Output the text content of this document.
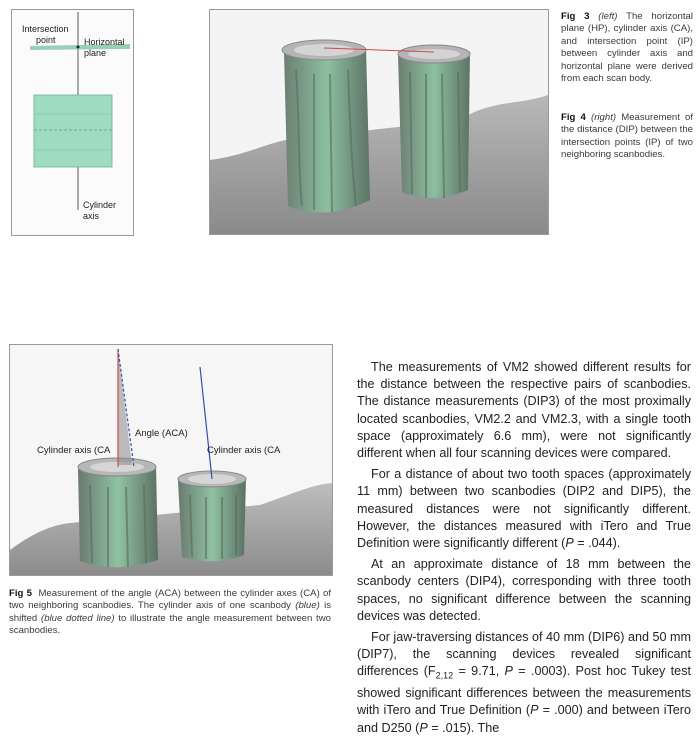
Intersection
point	Horizontal
plane
Cylinder
axis
Fig 3 (left) The horizontal plane (HP), cylinder axis (CA), and intersection point (IP) between cylinder axis and horizontal plane were derived from each scan body.
Fig 4 (right) Measurement of the distance (DIP) between the intersection points (IP) of two neighboring scanbodies.
Angle (ACA)
Cylinder axis (CA	Cylinder axis (CA
Fig 5 Measurement of the angle (ACA) between the cylinder axes (CA) of two neighboring scanbodies. The cylinder axis of one scanbody (blue) is shifted (blue dotted line) to illustrate the angle measurement between two scanbodies.

The measurements of VM2 showed different results for the distance between the respective pairs of scanbodies. The distance measurements (DIP3) of the most proximally located scanbodies, VM2.2 and VM2.3, with a single tooth space (approximately 6.6 mm), were not significantly different when all four scanning devices were compared.

For a distance of about two tooth spaces (approximately 11 mm) between two scanbodies (DIP2 and DIP5), the measured distances were not significantly different. However, the distances measured with iTero and True Definition were significantly different (P = .044).

At an approximate distance of 18 mm between the scanbody centers (DIP4), corresponding with three tooth spaces, no significant difference between the scanning devices was detected.

For jaw-traversing distances of 40 mm (DIP6) and 50 mm (DIP7), the scanning devices revealed significant differences ($F_{2,12} = 9.71$, P = .0003). Post hoc Tukey test showed significant differences between the measurements with iTero and True Definition (P = .000) and between iTero and D250 (P = .015). The
